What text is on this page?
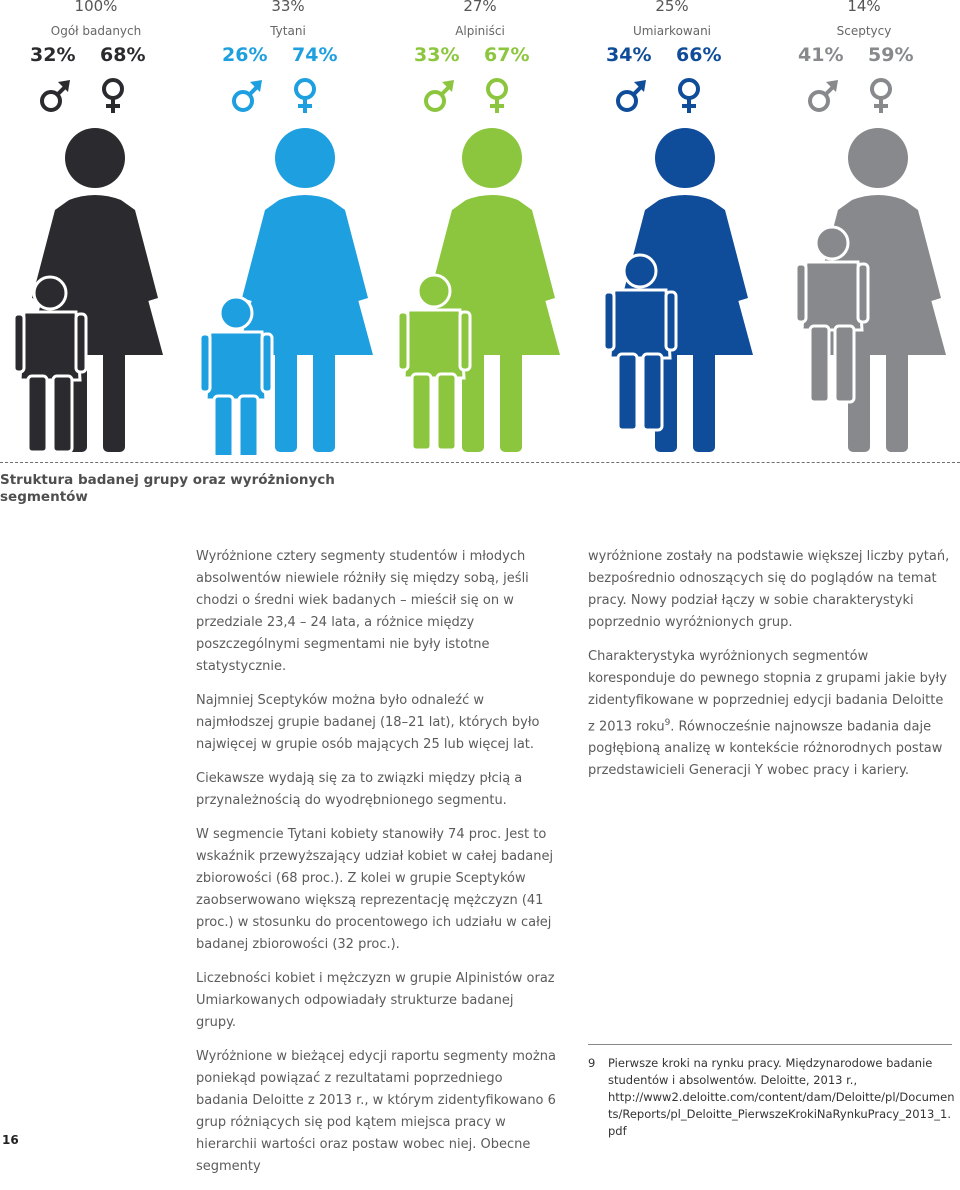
100%
Ogół badanych
32% 68%
33%
Tytani
26% 74%
27%
Alpiniści
33% 67%
25%
Umiarkowani
34% 66%
14%
Sceptycy
41% 59%
Struktura badanej grupy oraz wyróżnionych segmentów

Wyróżnione cztery segmenty studentów i młodych absolwentów niewiele różniły się między sobą, jeśli chodzi o średni wiek badanych – mieścił się on w przedziale 23,4 – 24 lata, a różnice między poszczególnymi segmentami nie były istotne statystycznie.

Najmniej Sceptyków można było odnaleźć w najmłodszej grupie badanej (18–21 lat), których było najwięcej w grupie osób mających 25 lub więcej lat.

Ciekawsze wydają się za to związki między płcią a przynależnością do wyodrębnionego segmentu.

W segmencie Tytani kobiety stanowiły 74 proc. Jest to wskaźnik przewyższający udział kobiet w całej badanej zbiorowości (68 proc.). Z kolei w grupie Sceptyków zaobserwowano większą reprezentację mężczyzn (41 proc.) w stosunku do procentowego ich udziału w całej badanej zbiorowości (32 proc.).

Liczebności kobiet i mężczyzn w grupie Alpinistów oraz Umiarkowanych odpowiadały strukturze badanej grupy.

Wyróżnione w bieżącej edycji raportu segmenty można poniekąd powiązać z rezultatami poprzedniego badania Deloitte z 2013 r., w którym zidentyfikowano 6 grup różniących się pod kątem miejsca pracy w hierarchii wartości oraz postaw wobec niej. Obecne segmenty

wyróżnione zostały na podstawie większej liczby pytań, bezpośrednio odnoszących się do poglądów na temat pracy. Nowy podział łączy w sobie charakterystyki poprzednio wyróżnionych grup.

Charakterystyka wyróżnionych segmentów koresponduje do pewnego stopnia z grupami jakie były zidentyfikowane w poprzedniej edycji badania Deloitte z 2013 roku$^9$. Równocześnie najnowsze badania daje pogłębioną analizę w kontekście różnorodnych postaw przedstawicieli Generacji Y wobec pracy i kariery.

9 Pierwsze kroki na rynku pracy. Międzynarodowe badanie studentów i absolwentów. Deloitte, 2013 r.,
http://www2.deloitte.com/content/dam/Deloitte/pl/Documents/Reports/pl_Deloitte_PierwszeKrokiNaRynkuPracy_2013_1.pdf
16
